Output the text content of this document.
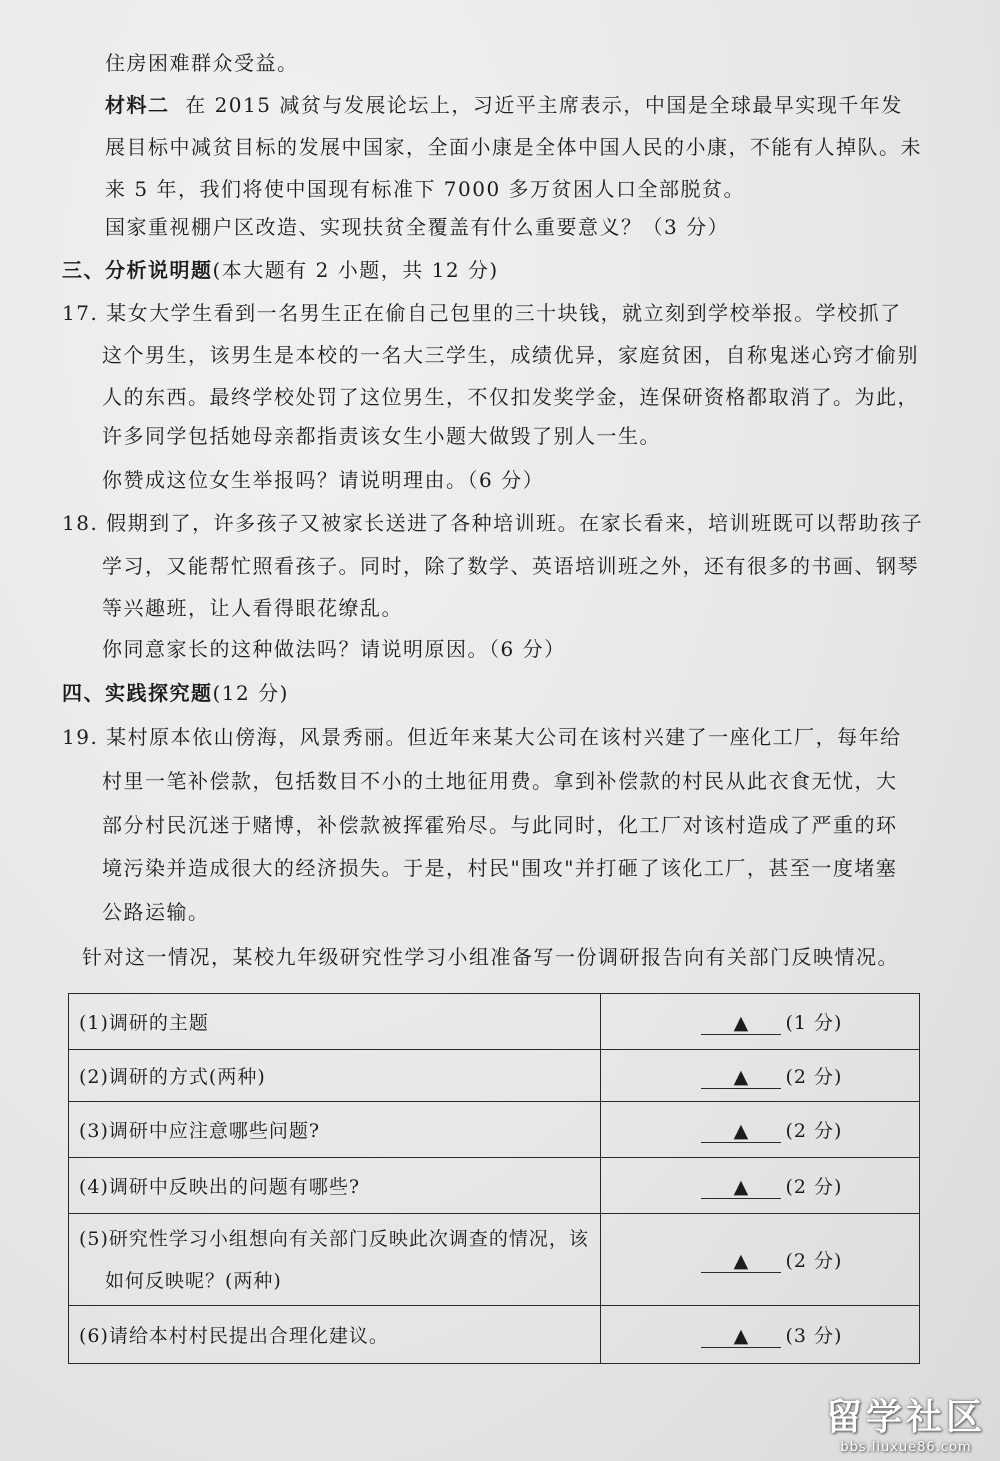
住房困难群众受益。
材料二 在 2015 减贫与发展论坛上，习近平主席表示，中国是全球最早实现千年发
展目标中减贫目标的发展中国家，全面小康是全体中国人民的小康，不能有人掉队。未
来 5 年，我们将使中国现有标准下 7000 多万贫困人口全部脱贫。
国家重视棚户区改造、实现扶贫全覆盖有什么重要意义？（3 分）
三、分析说明题(本大题有 2 小题，共 12 分)
17. 某女大学生看到一名男生正在偷自己包里的三十块钱，就立刻到学校举报。学校抓了
这个男生，该男生是本校的一名大三学生，成绩优异，家庭贫困，自称鬼迷心窍才偷别
人的东西。最终学校处罚了这位男生，不仅扣发奖学金，连保研资格都取消了。为此，
许多同学包括她母亲都指责该女生小题大做毁了别人一生。
你赞成这位女生举报吗？请说明理由。（6 分）
18. 假期到了，许多孩子又被家长送进了各种培训班。在家长看来，培训班既可以帮助孩子
学习，又能帮忙照看孩子。同时，除了数学、英语培训班之外，还有很多的书画、钢琴
等兴趣班，让人看得眼花缭乱。
你同意家长的这种做法吗？请说明原因。（6 分）
四、实践探究题(12 分)
19. 某村原本依山傍海，风景秀丽。但近年来某大公司在该村兴建了一座化工厂，每年给
村里一笔补偿款，包括数目不小的土地征用费。拿到补偿款的村民从此衣食无忧，大
部分村民沉迷于赌博，补偿款被挥霍殆尽。与此同时，化工厂对该村造成了严重的环
境污染并造成很大的经济损失。于是，村民"围攻"并打砸了该化工厂，甚至一度堵塞
公路运输。
针对这一情况，某校九年级研究性学习小组准备写一份调研报告向有关部门反映情况。
(1)调研的主题	▲ (1 分)
(2)调研的方式(两种)	▲ (2 分)
(3)调研中应注意哪些问题?	▲ (2 分)
(4)调研中反映出的问题有哪些?	▲ (2 分)

(5)研究性学习小组想向有关部门反映此次调查的情况，该
如何反映呢？(两种)	▲ (2 分)
(6)请给本村村民提出合理化建议。	▲ (3 分)
留学社区
bbs.liuxue86.com
